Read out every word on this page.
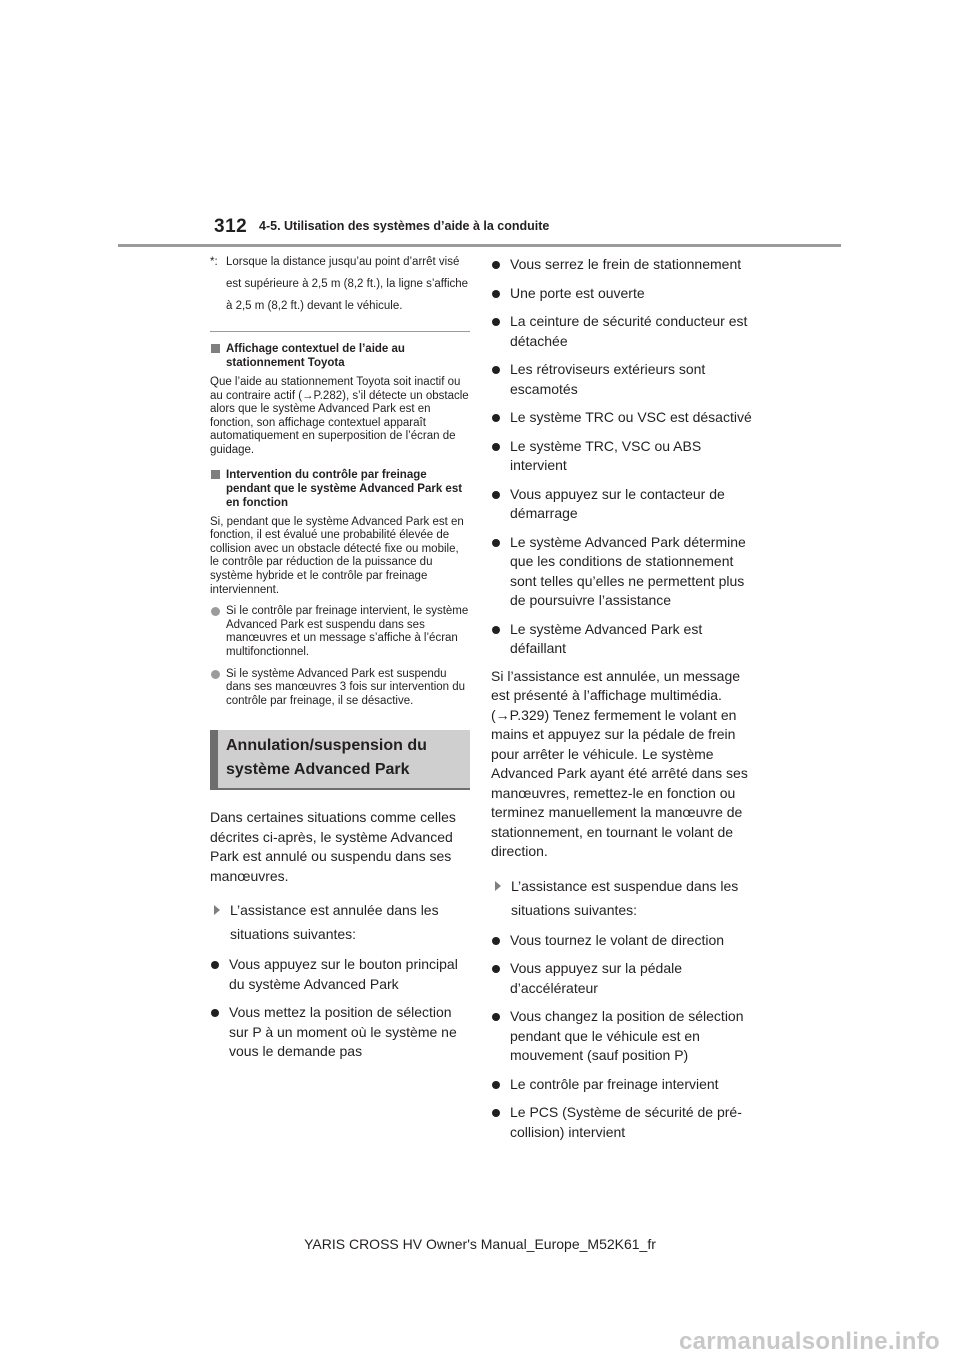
312 4-5. Utilisation des systèmes d’aide à la conduite
*: Lorsque la distance jusqu’au point d’arrêt visé est supérieure à 2,5 m (8,2 ft.), la ligne s’affiche à 2,5 m (8,2 ft.) devant le véhicule.
Affichage contextuel de l’aide au stationnement Toyota

Que l’aide au stationnement Toyota soit inactif ou au contraire actif (→P.282), s’il détecte un obstacle alors que le système Advanced Park est en fonction, son affichage contextuel apparaît automatiquement en superposition de l’écran de guidage.

Intervention du contrôle par freinage pendant que le système Advanced Park est en fonction

Si, pendant que le système Advanced Park est en fonction, il est évalué une probabilité élevée de collision avec un obstacle détecté fixe ou mobile, le contrôle par réduction de la puissance du système hybride et le contrôle par freinage interviennent.

Si le contrôle par freinage intervient, le système Advanced Park est suspendu dans ses manœuvres et un message s’affiche à l’écran multifonctionnel.
Si le système Advanced Park est suspendu dans ses manœuvres 3 fois sur intervention du contrôle par freinage, il se désactive.
Annulation/suspension du système Advanced Park

Dans certaines situations comme celles décrites ci-après, le système Advanced Park est annulé ou suspendu dans ses manœuvres.

L’assistance est annulée dans les situations suivantes:
Vous appuyez sur le bouton principal du système Advanced Park
Vous mettez la position de sélection sur P à un moment où le système ne vous le demande pas
Vous serrez le frein de stationnement
Une porte est ouverte
La ceinture de sécurité conducteur est détachée
Les rétroviseurs extérieurs sont escamotés
Le système TRC ou VSC est désactivé
Le système TRC, VSC ou ABS intervient
Vous appuyez sur le contacteur de démarrage
Le système Advanced Park détermine que les conditions de stationnement sont telles qu’elles ne permettent plus de poursuivre l’assistance
Le système Advanced Park est défaillant

Si l’assistance est annulée, un message est présenté à l’affichage multimédia. (→P.329) Tenez fermement le volant en mains et appuyez sur la pédale de frein pour arrêter le véhicule. Le système Advanced Park ayant été arrêté dans ses manœuvres, remettez-le en fonction ou terminez manuellement la manœuvre de stationnement, en tournant le volant de direction.

L’assistance est suspendue dans les situations suivantes:
Vous tournez le volant de direction
Vous appuyez sur la pédale d’accélérateur
Vous changez la position de sélection pendant que le véhicule est en mouvement (sauf position P)
Le contrôle par freinage intervient
Le PCS (Système de sécurité de pré-collision) intervient
YARIS CROSS HV Owner's Manual_Europe_M52K61_fr
carmanualsonline.info
